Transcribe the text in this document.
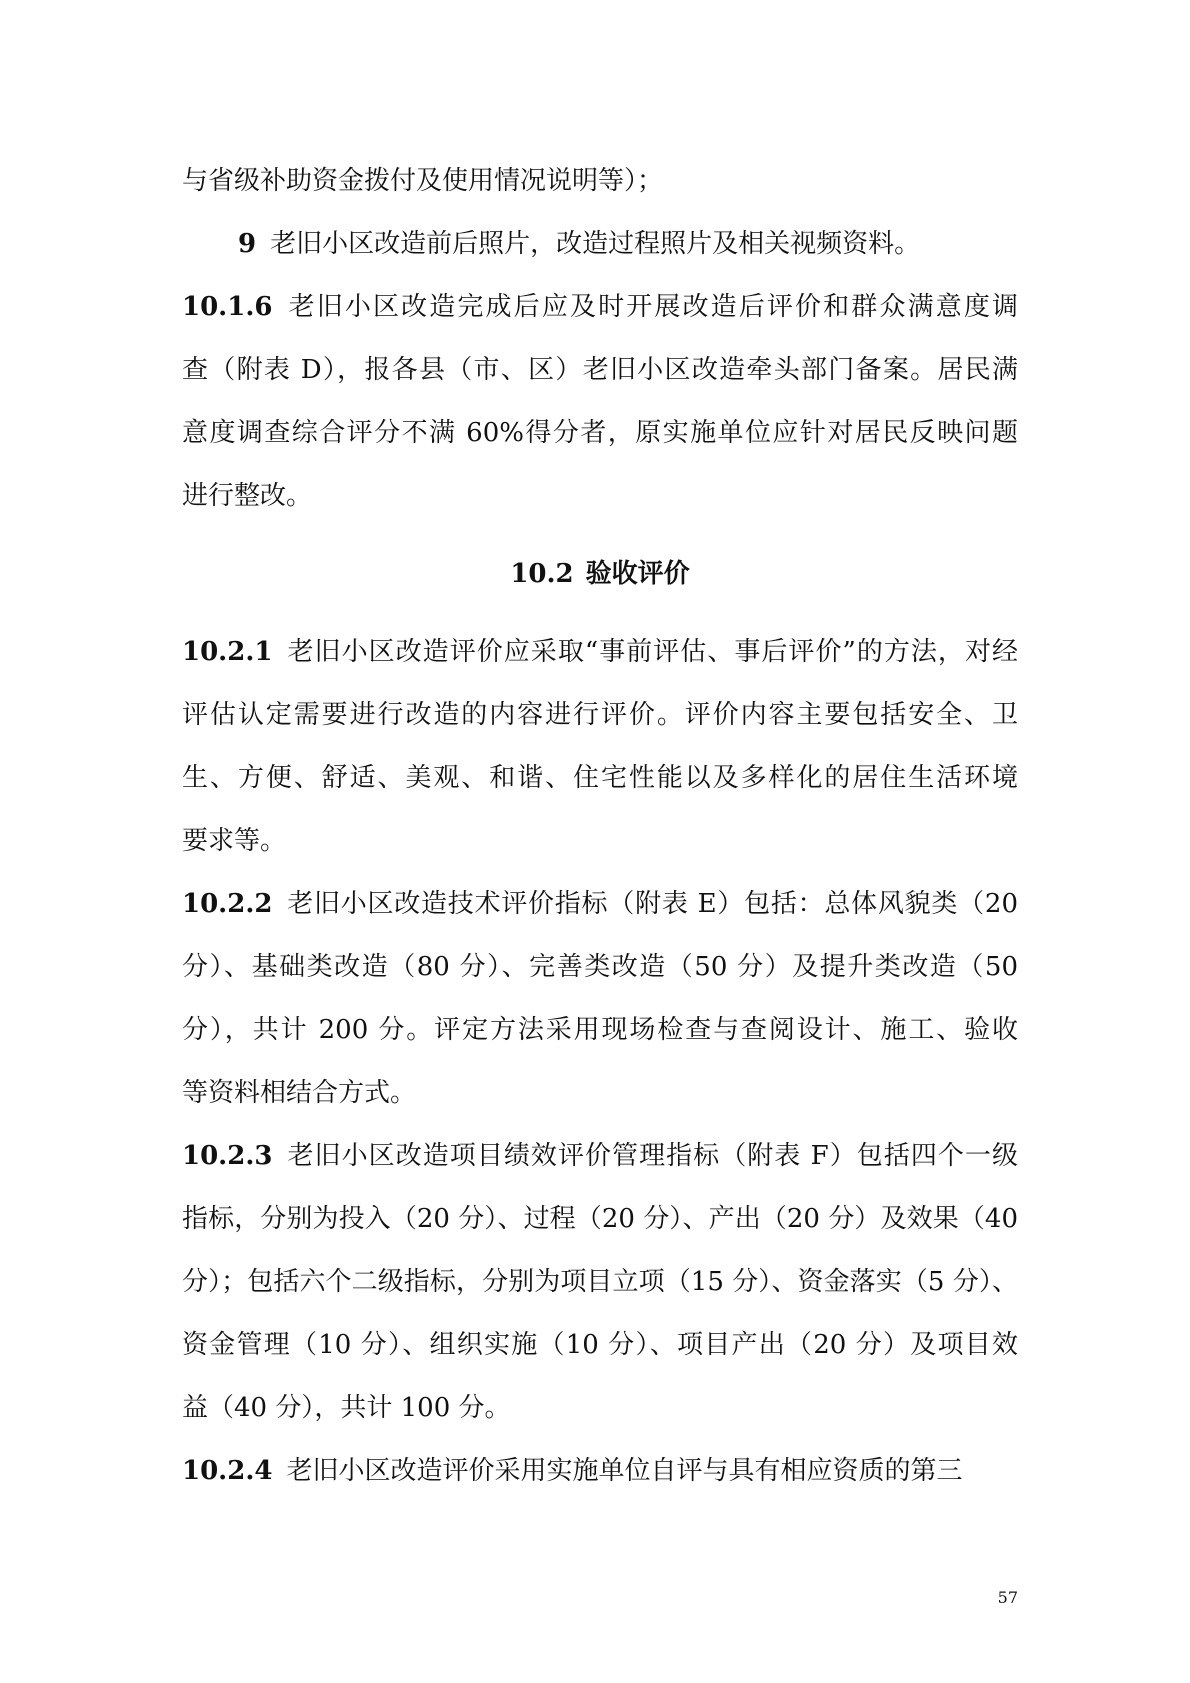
与省级补助资金拨付及使用情况说明等）；
9 老旧小区改造前后照片，改造过程照片及相关视频资料。
10.1.6 老旧小区改造完成后应及时开展改造后评价和群众满意度调
查（附表 D），报各县（市、区）老旧小区改造牵头部门备案。居民满
意度调查综合评分不满 60%得分者，原实施单位应针对居民反映问题
进行整改。
10.2 验收评价
10.2.1 老旧小区改造评价应采取“事前评估、事后评价”的方法，对经
评估认定需要进行改造的内容进行评价。评价内容主要包括安全、卫
生、方便、舒适、美观、和谐、住宅性能以及多样化的居住生活环境
要求等。
10.2.2 老旧小区改造技术评价指标（附表 E）包括：总体风貌类（20
分）、基础类改造（80 分）、完善类改造（50 分）及提升类改造（50
分），共计 200 分。评定方法采用现场检查与查阅设计、施工、验收
等资料相结合方式。
10.2.3 老旧小区改造项目绩效评价管理指标（附表 F）包括四个一级
指标，分别为投入（20 分）、过程（20 分）、产出（20 分）及效果（40
分）；包括六个二级指标，分别为项目立项（15 分）、资金落实（5 分）、
资金管理（10 分）、组织实施（10 分）、项目产出（20 分）及项目效
益（40 分），共计 100 分。
10.2.4 老旧小区改造评价采用实施单位自评与具有相应资质的第三
57
